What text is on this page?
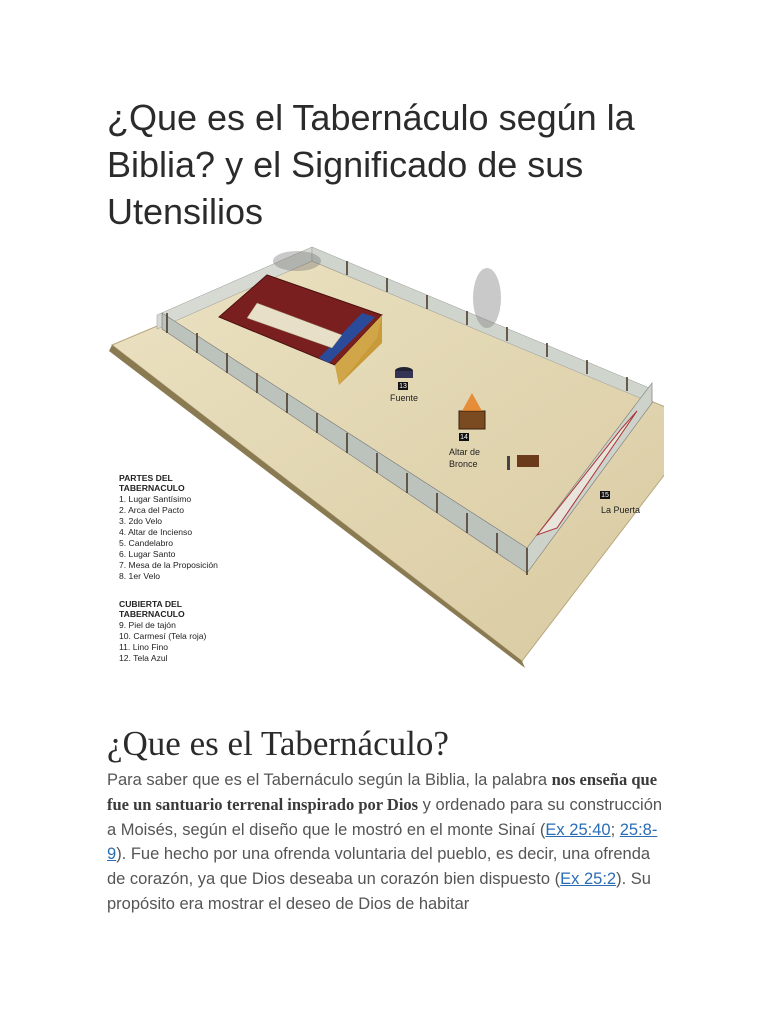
¿Que es el Tabernáculo según la Biblia? y el Significado de sus Utensilios
13
14
15
Fuente
Altar de
Bronce
La Puerta
PARTES DEL
TABERNACULO
1. Lugar Santísimo
2. Arca del Pacto
3. 2do Velo
4. Altar de Incienso
5. Candelabro
6. Lugar Santo
7. Mesa de la Proposición
8. 1er Velo
CUBIERTA DEL
TABERNACULO
9. Piel de tajón
10. Carmesí (Tela roja)
11. Lino Fino
12. Tela Azul
¿Que es el Tabernáculo?

Para saber que es el Tabernáculo según la Biblia, la palabra nos enseña que fue un santuario terrenal inspirado por Dios y ordenado para su construcción a Moisés, según el diseño que le mostró en el monte Sinaí (Ex 25:40; 25:8-9). Fue hecho por una ofrenda voluntaria del pueblo, es decir, una ofrenda de corazón, ya que Dios deseaba un corazón bien dispuesto (Ex 25:2). Su propósito era mostrar el deseo de Dios de habitar
